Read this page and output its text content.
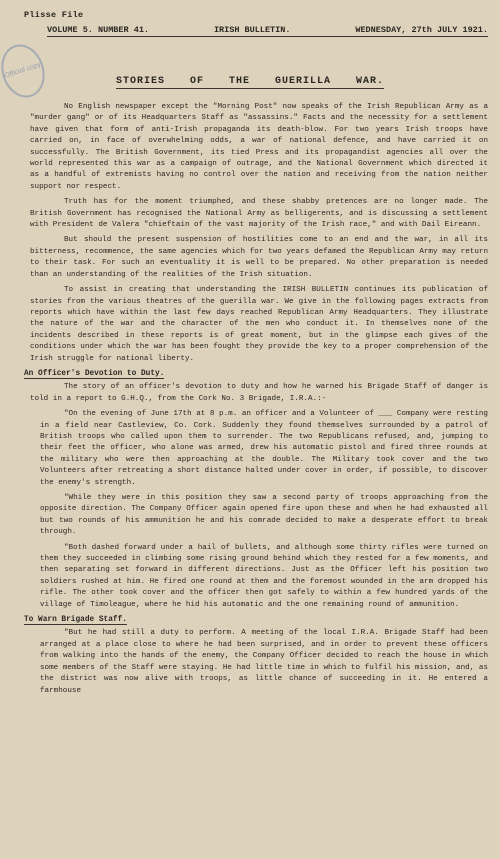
Plisse File
VOLUME 5. NUMBER 41.	IRISH BULLETIN.	WEDNESDAY, 27th JULY 1921.
Official copy
STORIES OF THE GUERILLA WAR.

No English newspaper except the "Morning Post" now speaks of the Irish Republican Army as a "murder gang" or of its Headquarters Staff as "assassins." Facts and the necessity for a settlement have given that form of anti-Irish propaganda its death-blow. For two years Irish troops have carried on, in face of overwhelming odds, a war of national defence, and have carried it on successfully. The British Government, its tied Press and its propagandist agencies all over the world represented this war as a campaign of outrage, and the National Government which directed it as a handful of extremists having no control over the nation and receiving from the nation neither support nor respect.

Truth has for the moment triumphed, and these shabby pretences are no longer made. The British Government has recognised the National Army as belligerents, and is discussing a settlement with President de Valera "chieftain of the vast majority of the Irish race," and with Dail Eireann.

But should the present suspension of hostilities come to an end and the war, in all its bitterness, recommence, the same agencies which for two years defamed the Republican Army may return to their task. For such an eventuality it is well to be prepared. No other preparation is needed than an understanding of the realities of the Irish situation.

To assist in creating that understanding the IRISH BULLETIN continues its publication of stories from the various theatres of the guerilla war. We give in the following pages extracts from reports which have within the last few days reached Republican Army Headquarters. They illustrate the nature of the war and the character of the men who conduct it. In themselves none of the incidents described in these reports is of great moment, but in the glimpse each gives of the conditions under which the war has been fought they provide the key to a proper comprehension of the Irish struggle for national liberty.

An Officer's Devotion to Duty.

The story of an officer's devotion to duty and how he warned his Brigade Staff of danger is told in a report to G.H.Q., from the Cork No. 3 Brigade, I.R.A.:-

"On the evening of June 17th at 8 p.m. an officer and a Volunteer of ___ Company were resting in a field near Castleview, Co. Cork. Suddenly they found themselves surrounded by a patrol of British troops who called upon them to surrender. The two Republicans refused, and, jumping to their feet the officer, who alone was armed, drew his automatic pistol and fired three rounds at the military who were then approaching at the double. The Military took cover and the two Volunteers after retreating a short distance halted under cover in order, if possible, to discover the enemy's strength.

"While they were in this position they saw a second party of troops approaching from the opposite direction. The Company Officer again opened fire upon these and when he had exhausted all but two rounds of his ammunition he and his comrade decided to make a desperate effort to break through.

"Both dashed forward under a hail of bullets, and although some thirty rifles were turned on them they succeeded in climbing some rising ground behind which they rested for a few moments, and then separating set forward in different directions. Just as the Officer left his position two soldiers rushed at him. He fired one round at them and the foremost wounded in the arm dropped his rifle. The other took cover and the officer then got safely to within a few hundred yards of the village of Timoleague, where he hid his automatic and the one remaining round of ammunition.

To Warn Brigade Staff.

"But he had still a duty to perform. A meeting of the local I.R.A. Brigade Staff had been arranged at a place close to where he had been surprised, and in order to prevent these officers from walking into the hands of the enemy, the Company Officer decided to reach the house in which some members of the Staff were staying. He had little time in which to fulfil his mission, and, as the district was now alive with troops, as little chance of succeeding in it. He entered a farmhouse
